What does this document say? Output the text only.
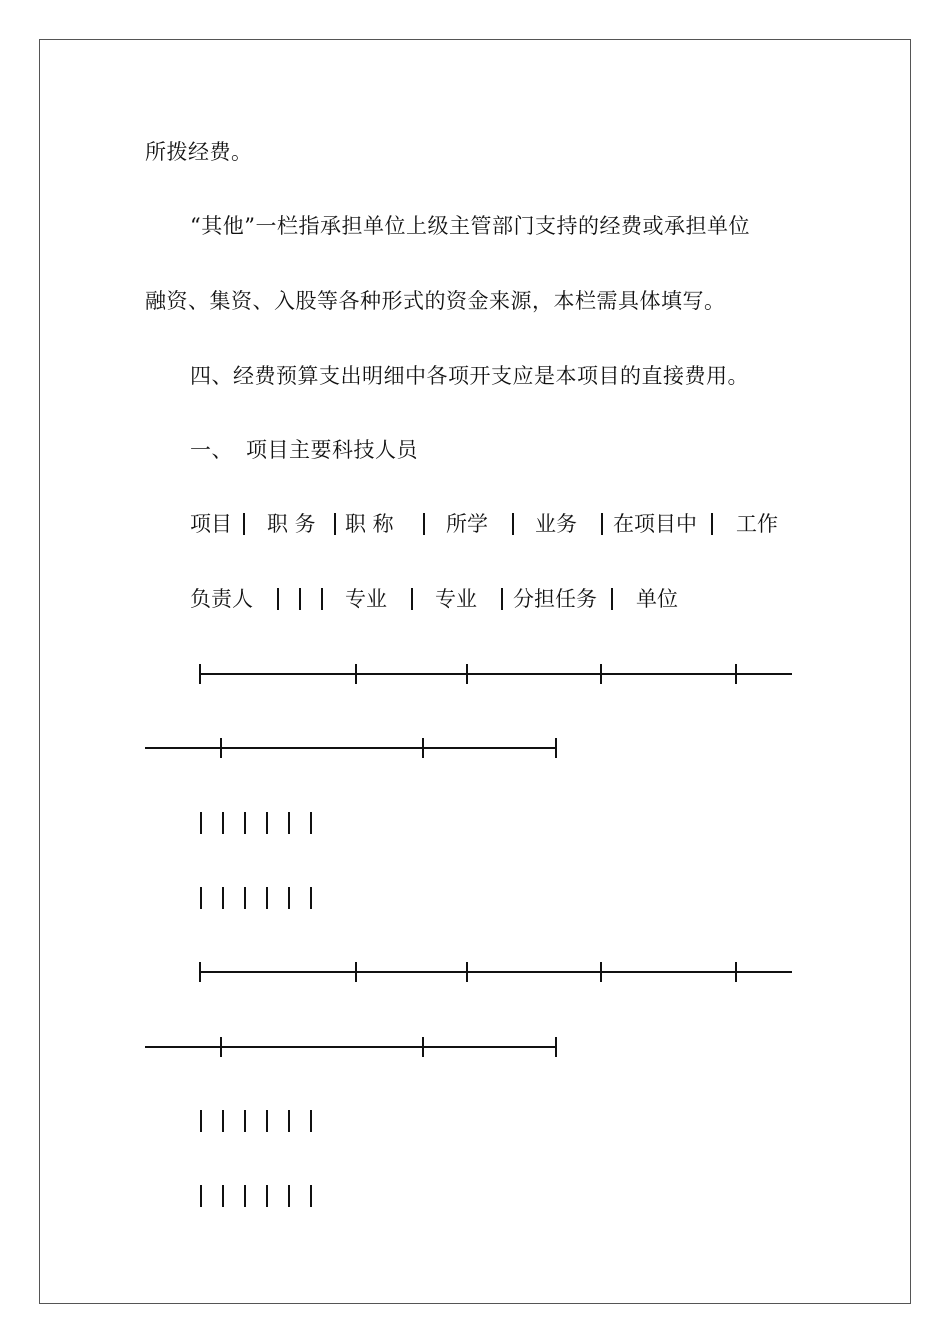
所拨经费。
“其他”一栏指承担单位上级主管部门支持的经费或承担单位
融资、集资、入股等各种形式的资金来源，本栏需具体填写。
四、经费预算支出明细中各项开支应是本项目的直接费用。
一、 项目主要科技人员
项目 职 务 职 称 所学 业务 在项目中 工作
负责人	专业 专业 分担任务 单位
